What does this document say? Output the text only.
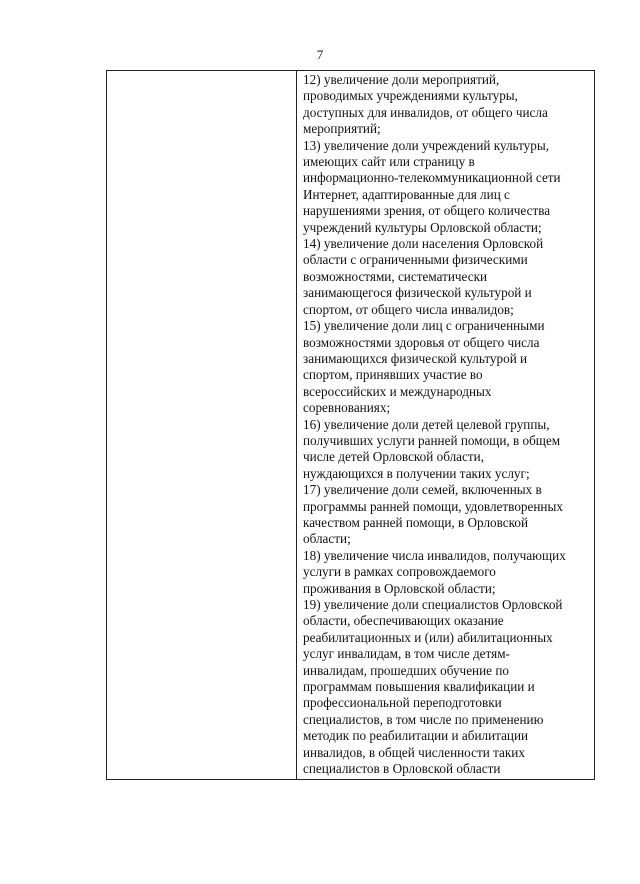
7
12) увеличение доли мероприятий,
проводимых учреждениями культуры,
доступных для инвалидов, от общего числа
мероприятий;
13) увеличение доли учреждений культуры,
имеющих сайт или страницу в
информационно-телекоммуникационной сети
Интернет, адаптированные для лиц с
нарушениями зрения, от общего количества
учреждений культуры Орловской области;
14) увеличение доли населения Орловской
области с ограниченными физическими
возможностями, систематически
занимающегося физической культурой и
спортом, от общего числа инвалидов;
15) увеличение доли лиц с ограниченными
возможностями здоровья от общего числа
занимающихся физической культурой и
спортом, принявших участие во
всероссийских и международных
соревнованиях;
16) увеличение доли детей целевой группы,
получивших услуги ранней помощи, в общем
числе детей Орловской области,
нуждающихся в получении таких услуг;
17) увеличение доли семей, включенных в
программы ранней помощи, удовлетворенных
качеством ранней помощи, в Орловской
области;
18) увеличение числа инвалидов, получающих
услуги в рамках сопровождаемого
проживания в Орловской области;
19) увеличение доли специалистов Орловской
области, обеспечивающих оказание
реабилитационных и (или) абилитационных
услуг инвалидам, в том числе детям-
инвалидам, прошедших обучение по
программам повышения квалификации и
профессиональной переподготовки
специалистов, в том числе по применению
методик по реабилитации и абилитации
инвалидов, в общей численности таких
специалистов в Орловской области
